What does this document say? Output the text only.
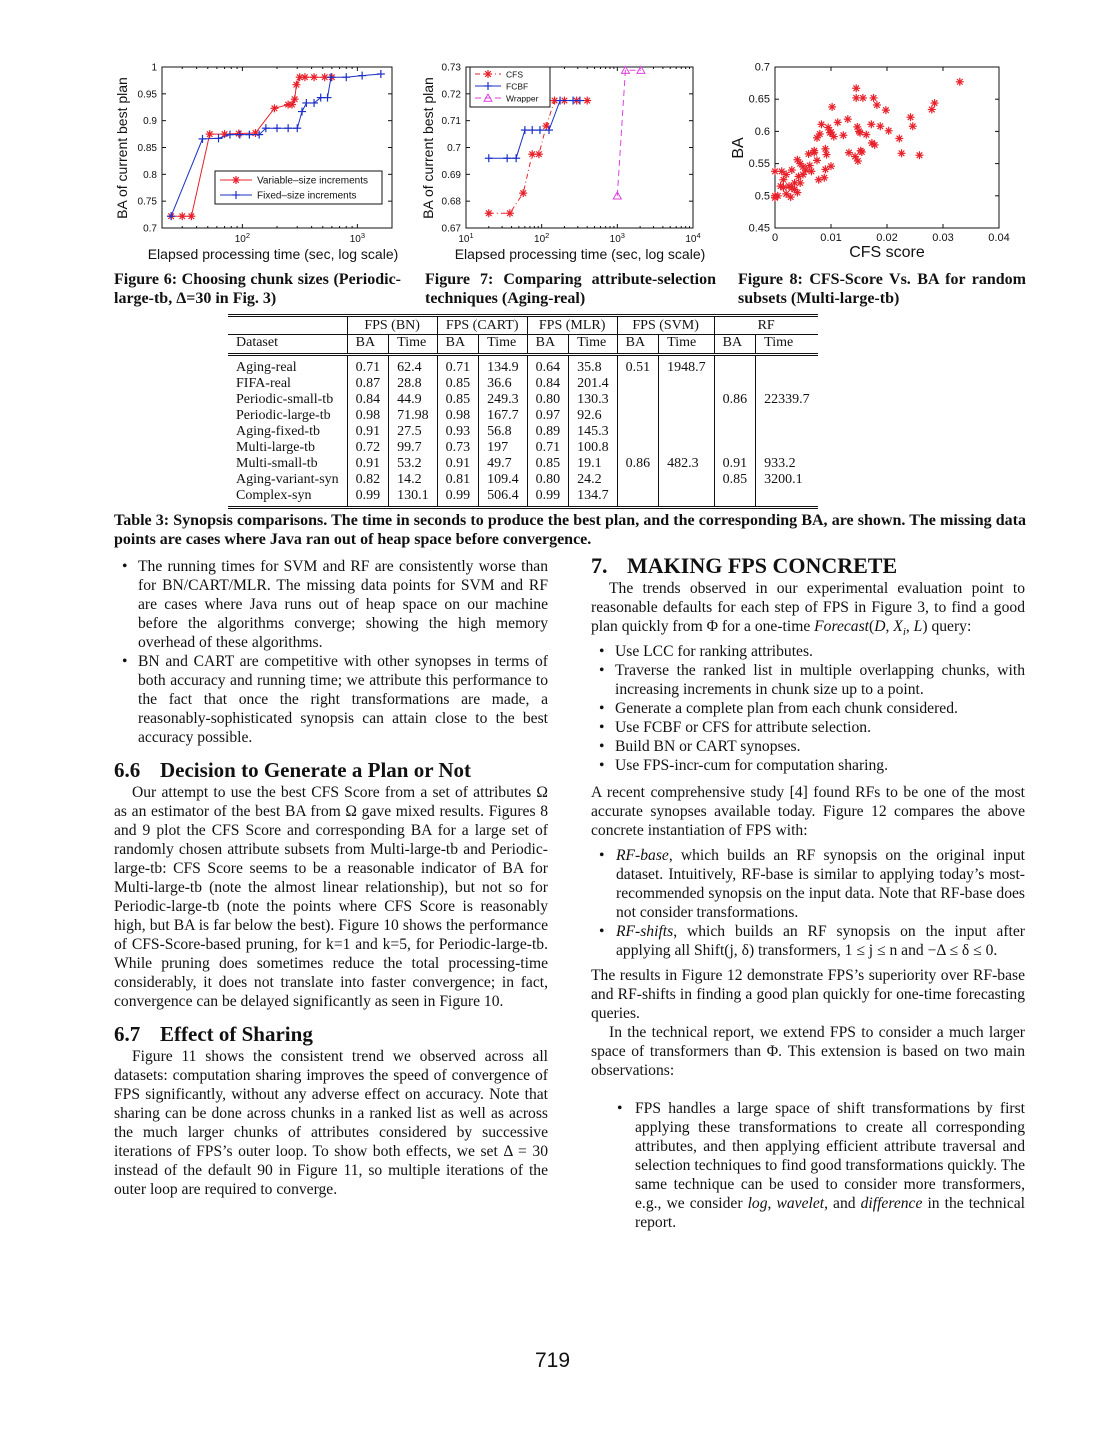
0.7
0.75
0.8
0.85
0.9
0.95
1
$10^2$	$10^3$
Variable–size increments
Fixed–size increments
Elapsed processing time (sec, log scale)
BA of current best plan
0.67
0.68
0.69
0.7
0.71
0.72
0.73
$10^1$	$10^2$	$10^3$	$10^4$
CFS
FCBF
Wrapper
Elapsed processing time (sec, log scale)
BA of current best plan
0.45
0.5
0.55
0.6
0.65
0.7
0	0.01	0.02	0.03	0.04
CFS score
BA
Figure 6: Choosing chunk sizes (Periodic-large-tb, Δ=30 in Fig. 3)
Figure 7: Comparing attribute-selection techniques (Aging-real)
Figure 8: CFS-Score Vs. BA for random subsets (Multi-large-tb)
	FPS (BN)		FPS (CART)		FPS (MLR)		FPS (SVM)		RF	
Dataset	BA	Time	BA	Time	BA	Time	BA	Time	BA	Time
Aging-real	0.71	62.4	0.71	134.9	0.64	35.8	0.51	1948.7		
FIFA-real	0.87	28.8	0.85	36.6	0.84	201.4				
Periodic-small-tb	0.84	44.9	0.85	249.3	0.80	130.3			0.86	22339.7
Periodic-large-tb	0.98	71.98	0.98	167.7	0.97	92.6				
Aging-fixed-tb	0.91	27.5	0.93	56.8	0.89	145.3				
Multi-large-tb	0.72	99.7	0.73	197	0.71	100.8				
Multi-small-tb	0.91	53.2	0.91	49.7	0.85	19.1	0.86	482.3	0.91	933.2
Aging-variant-syn	0.82	14.2	0.81	109.4	0.80	24.2			0.85	3200.1
Complex-syn	0.99	130.1	0.99	506.4	0.99	134.7				
Table 3: Synopsis comparisons. The time in seconds to produce the best plan, and the corresponding BA, are shown. The missing data points are cases where Java ran out of heap space before convergence.
• The running times for SVM and RF are consistently worse than for BN/CART/MLR. The missing data points for SVM and RF are cases where Java runs out of heap space on our machine before the algorithms converge; showing the high memory overhead of these algorithms.
• BN and CART are competitive with other synopses in terms of both accuracy and running time; we attribute this performance to the fact that once the right transformations are made, a reasonably-sophisticated synopsis can attain close to the best accuracy possible.
6.6 Decision to Generate a Plan or Not

Our attempt to use the best CFS Score from a set of attributes Ω as an estimator of the best BA from Ω gave mixed results. Figures 8 and 9 plot the CFS Score and corresponding BA for a large set of randomly chosen attribute subsets from Multi-large-tb and Periodic-large-tb: CFS Score seems to be a reasonable indicator of BA for Multi-large-tb (note the almost linear relationship), but not so for Periodic-large-tb (note the points where CFS Score is reasonably high, but BA is far below the best). Figure 10 shows the performance of CFS-Score-based pruning, for k=1 and k=5, for Periodic-large-tb. While pruning does sometimes reduce the total processing-time considerably, it does not translate into faster convergence; in fact, convergence can be delayed significantly as seen in Figure 10.

6.7 Effect of Sharing

Figure 11 shows the consistent trend we observed across all datasets: computation sharing improves the speed of convergence of FPS significantly, without any adverse effect on accuracy. Note that sharing can be done across chunks in a ranked list as well as across the much larger chunks of attributes considered by successive iterations of FPS’s outer loop. To show both effects, we set Δ = 30 instead of the default 90 in Figure 11, so multiple iterations of the outer loop are required to converge.

7. MAKING FPS CONCRETE

The trends observed in our experimental evaluation point to reasonable defaults for each step of FPS in Figure 3, to find a good plan quickly from Φ for a one-time Forecast(D, $X_i$, L) query:

• Use LCC for ranking attributes.
• Traverse the ranked list in multiple overlapping chunks, with increasing increments in chunk size up to a point.
• Generate a complete plan from each chunk considered.
• Use FCBF or CFS for attribute selection.
• Build BN or CART synopses.
• Use FPS-incr-cum for computation sharing.

A recent comprehensive study [4] found RFs to be one of the most accurate synopses available today. Figure 12 compares the above concrete instantiation of FPS with:

• RF-base, which builds an RF synopsis on the original input dataset. Intuitively, RF-base is similar to applying today’s most-recommended synopsis on the input data. Note that RF-base does not consider transformations.
• RF-shifts, which builds an RF synopsis on the input after applying all Shift(j, δ) transformers, 1 ≤ j ≤ n and −Δ ≤ δ ≤ 0.

The results in Figure 12 demonstrate FPS’s superiority over RF-base and RF-shifts in finding a good plan quickly for one-time forecasting queries.

In the technical report, we extend FPS to consider a much larger space of transformers than Φ. This extension is based on two main observations:

• FPS handles a large space of shift transformations by first applying these transformations to create all corresponding attributes, and then applying efficient attribute traversal and selection techniques to find good transformations quickly. The same technique can be used to consider more transformers, e.g., we consider log, wavelet, and difference in the technical report.
719
